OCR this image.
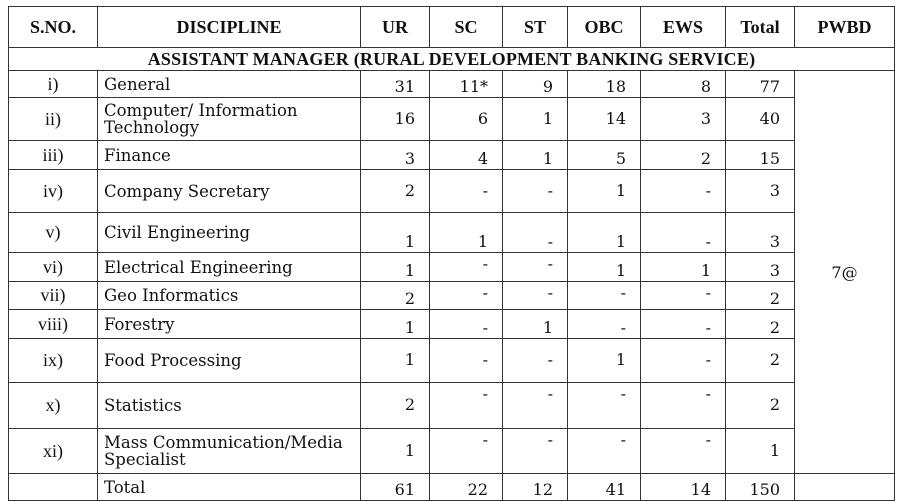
S.NO.	DISCIPLINE	UR	SC	ST	OBC	EWS	Total	PWBD
ASSISTANT MANAGER (RURAL DEVELOPMENT BANKING SERVICE)								
i)	General	31	11*	9	18	8	77	7@
ii)	Computer/ Information Technology	16	6	1	14	3	40	
iii)	Finance	3	4	1	5	2	15	
iv)	Company Secretary	2	-	-	1	-	3	
v)	Civil Engineering	1	1	-	1	-	3	
vi)	Electrical Engineering	1	-	-	1	1	3	
vii)	Geo Informatics	2	-	-	-	-	2	
viii)	Forestry	1	-	1	-	-	2	
ix)	Food Processing	1	-	-	1	-	2	
x)	Statistics	2	-	-	-	-	2	
xi)	Mass Communication/Media Specialist	1	-	-	-	-	1	
	Total	61	22	12	41	14	150	
